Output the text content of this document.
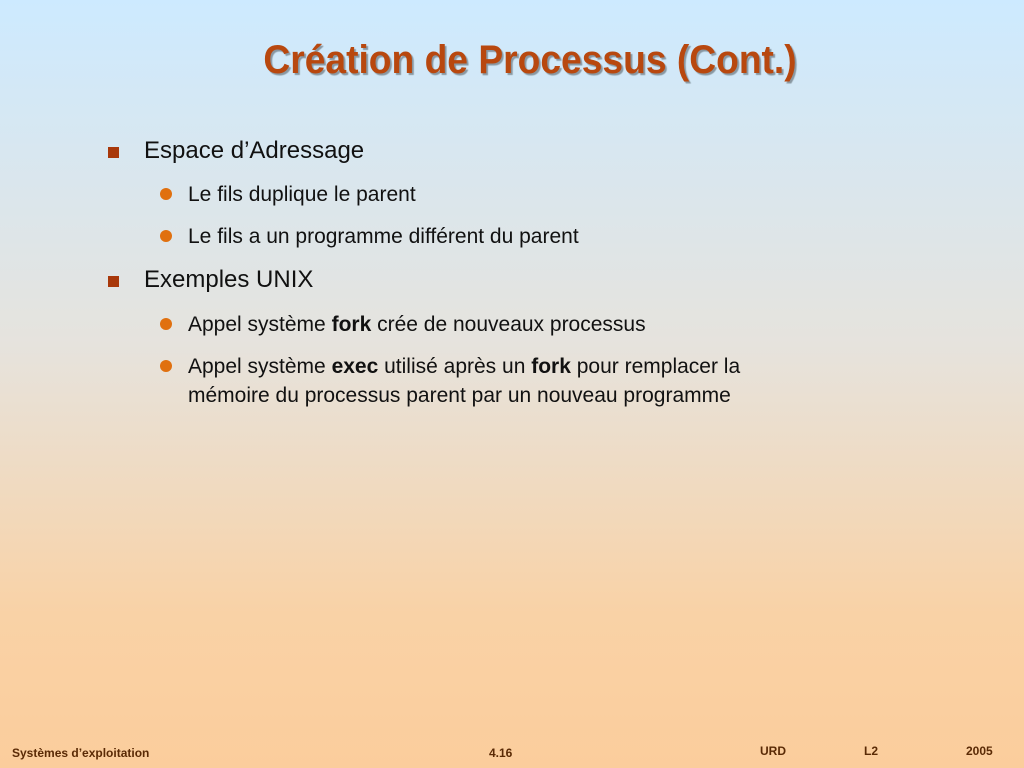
Création de Processus (Cont.)
Espace d’Adressage
Le fils duplique le parent
Le fils a un programme différent du parent
Exemples UNIX
Appel système fork crée de nouveaux processus
Appel système exec utilisé après un fork pour remplacer la
mémoire du processus parent par un nouveau programme
Systèmes d’exploitation	4.16	URD	L2	2005
